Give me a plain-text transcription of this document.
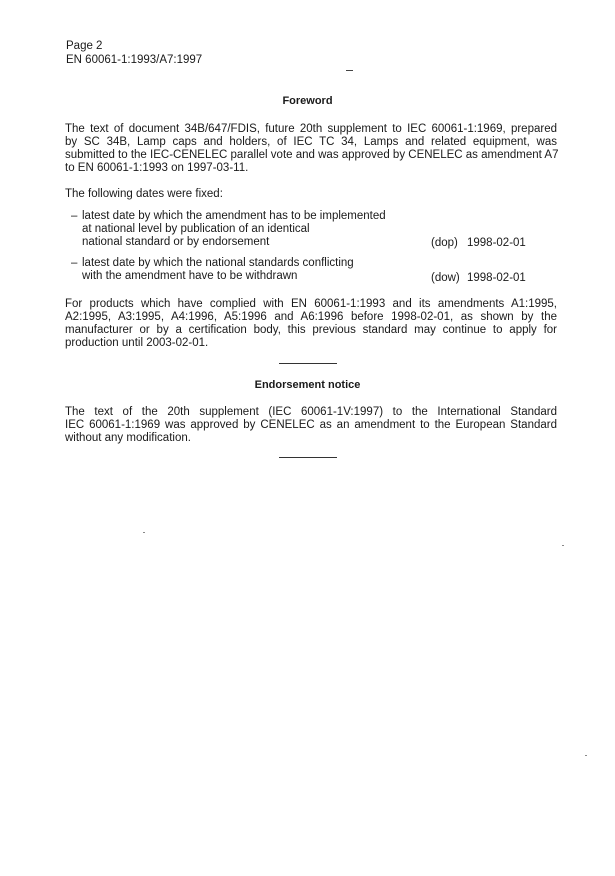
Page 2
EN 60061-1:1993/A7:1997
Foreword
The text of document 34B/647/FDIS, future 20th supplement to IEC 60061-1:1969, prepared
by SC 34B, Lamp caps and holders, of IEC TC 34, Lamps and related equipment, was
submitted to the IEC-CENELEC parallel vote and was approved by CENELEC as amendment A7
to EN 60061-1:1993 on 1997-03-11.
The following dates were fixed:
– latest date by which the amendment has to be implemented
at national level by publication of an identical
national standard or by endorsement	(dop) 1998-02-01
– latest date by which the national standards conflicting
with the amendment have to be withdrawn	(dow) 1998-02-01
For products which have complied with EN 60061-1:1993 and its amendments A1:1995,
A2:1995, A3:1995, A4:1996, A5:1996 and A6:1996 before 1998-02-01, as shown by the
manufacturer or by a certification body, this previous standard may continue to apply for
production until 2003-02-01.
Endorsement notice
The text of the 20th supplement (IEC 60061-1V:1997) to the International Standard
IEC 60061-1:1969 was approved by CENELEC as an amendment to the European Standard
without any modification.
